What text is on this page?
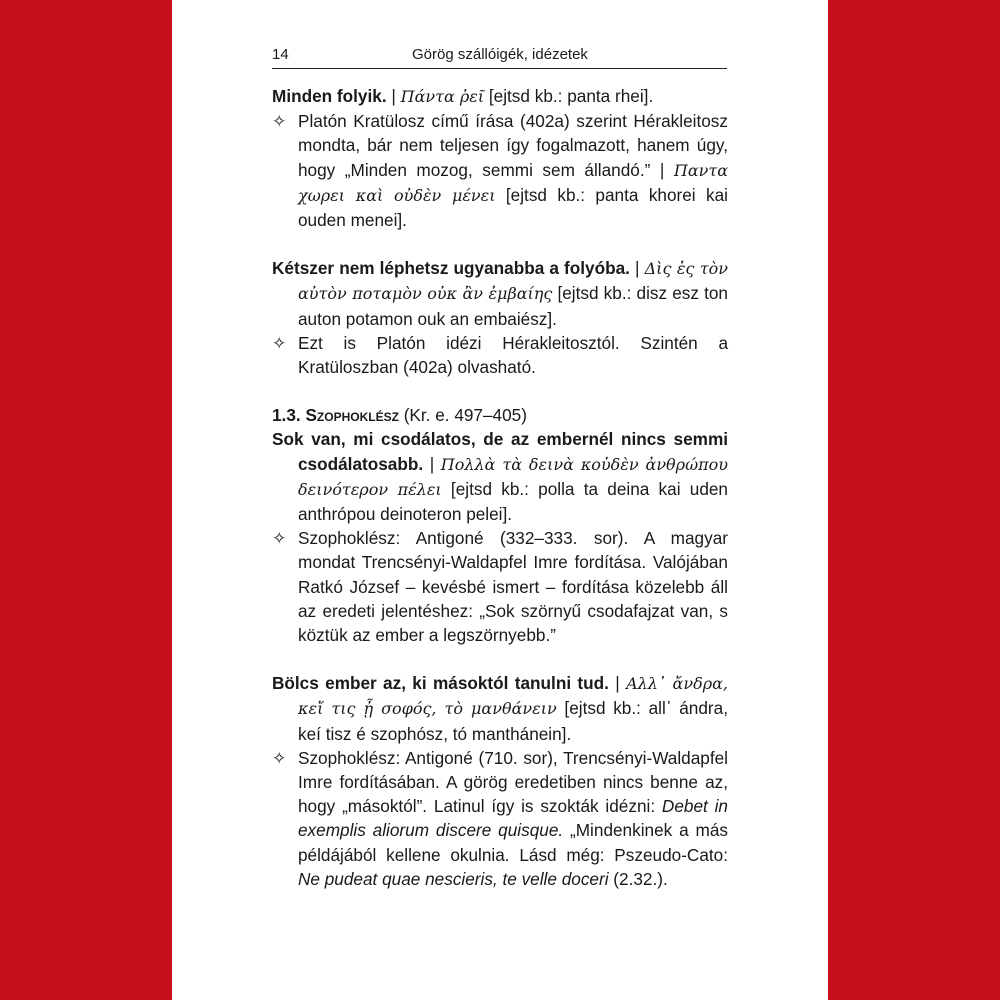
14	Görög szállóigék, idézetek

Minden folyik. | Πάντα ῥεῖ [ejtsd kb.: panta rhei].

✧ Platón Kratülosz című írása (402a) szerint Hérakleitosz mondta, bár nem teljesen így fogalmazott, hanem úgy, hogy „Minden mozog, semmi sem állandó.” | Παντα χωρει καὶ οὐδὲν μένει [ejtsd kb.: panta khorei kai ouden menei].

Kétszer nem léphetsz ugyanabba a folyóba. | Δὶς ἐς τὸν αὐτὸν ποταμὸν οὐκ ἂν ἐμβαίης [ejtsd kb.: disz esz ton auton potamon ouk an embaiész].

✧ Ezt is Platón idézi Hérakleitosztól. Szintén a Kratüloszban (402a) olvasható.

1.3. Szophoklész (Kr. e. 497–405)

Sok van, mi csodálatos, de az embernél nincs semmi csodálatosabb. | Πολλὰ τὰ δεινὰ κοὐδὲν ἀνθρώπου δεινότερον πέλει [ejtsd kb.: polla ta deina kai uden anthrópou deinoteron pelei].

✧ Szophoklész: Antigoné (332–333. sor). A magyar mondat Trencsényi-Waldapfel Imre fordítása. Valójában Ratkó József – kevésbé ismert – fordítása közelebb áll az eredeti jelentéshez: „Sok szörnyű csodafajzat van, s köztük az ember a legszörnyebb.”

Bölcs ember az, ki másoktól tanulni tud. | Αλλ᾽ ἄνδρα, κεἴ τις ᾖ σοφός, τὸ μανθάνειν [ejtsd kb.: all᾽ ándra, keí tisz é szophósz, tó manthánein].

✧ Szophoklész: Antigoné (710. sor), Trencsényi-Waldapfel Imre fordításában. A görög eredetiben nincs benne az, hogy „másoktól”. Latinul így is szokták idézni: Debet in exemplis aliorum discere quisque. „Mindenkinek a más példájából kellene okulnia. Lásd még: Pszeudo-Cato: Ne pudeat quae nescieris, te velle doceri (2.32.).
